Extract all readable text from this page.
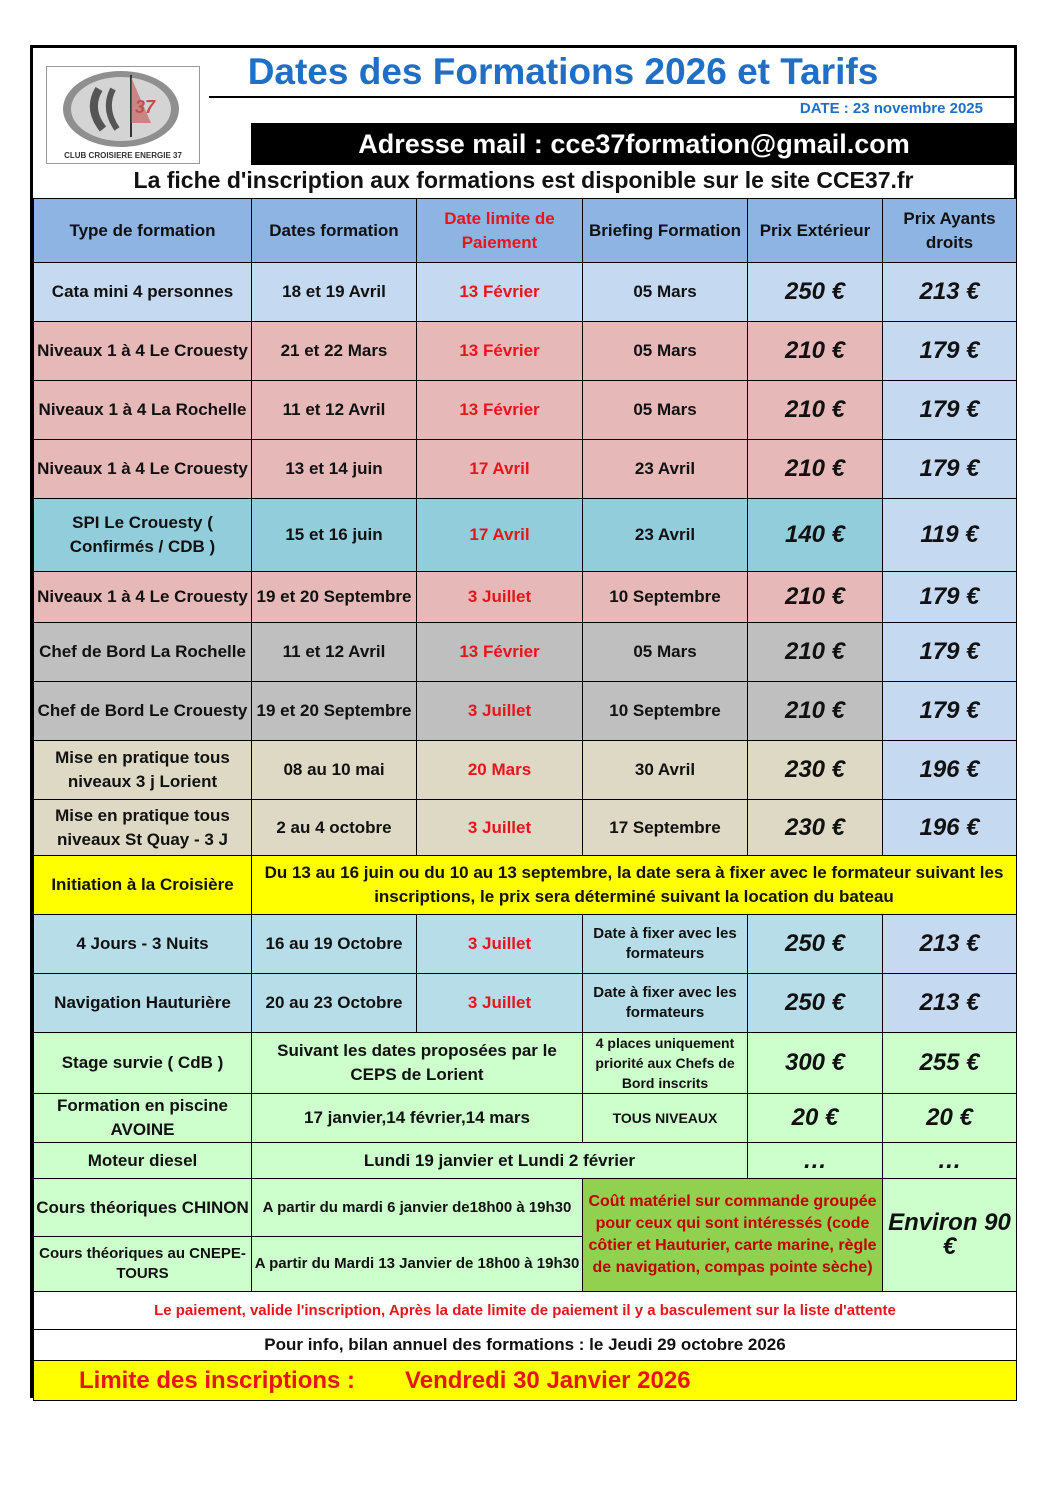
37
CLUB CROISIERE ENERGIE 37
Dates des Formations 2026 et Tarifs
DATE : 23 novembre 2025
Adresse mail : cce37formation@gmail.com
La fiche d'inscription aux formations est disponible sur le site CCE37.fr
Type de formation	Dates formation	Date limite de Paiement	Briefing Formation	Prix Extérieur	Prix Ayants droits
Cata mini 4 personnes	18 et 19 Avril	13 Février	05 Mars	250 €	213 €
Niveaux 1 à 4 Le Crouesty	21 et 22 Mars	13 Février	05 Mars	210 €	179 €
Niveaux 1 à 4 La Rochelle	11 et 12 Avril	13 Février	05 Mars	210 €	179 €
Niveaux 1 à 4 Le Crouesty	13 et 14 juin	17 Avril	23 Avril	210 €	179 €
SPI Le Crouesty ( Confirmés / CDB )	15 et 16 juin	17 Avril	23 Avril	140 €	119 €
Niveaux 1 à 4 Le Crouesty	19 et 20 Septembre	3 Juillet	10 Septembre	210 €	179 €
Chef de Bord La Rochelle	11 et 12 Avril	13 Février	05 Mars	210 €	179 €
Chef de Bord Le Crouesty	19 et 20 Septembre	3 Juillet	10 Septembre	210 €	179 €
Mise en pratique tous niveaux 3 j Lorient	08 au 10 mai	20 Mars	30 Avril	230 €	196 €
Mise en pratique tous niveaux St Quay - 3 J	2 au 4 octobre	3 Juillet	17 Septembre	230 €	196 €
Initiation à la Croisière	Du 13 au 16 juin ou du 10 au 13 septembre, la date sera à fixer avec le formateur suivant les inscriptions, le prix sera déterminé suivant la location du bateau				
4 Jours - 3 Nuits	16 au 19 Octobre	3 Juillet	Date à fixer avec les formateurs	250 €	213 €
Navigation Hauturière	20 au 23 Octobre	3 Juillet	Date à fixer avec les formateurs	250 €	213 €
Stage survie ( CdB )	Suivant les dates proposées par le CEPS de Lorient		4 places uniquement priorité aux Chefs de Bord inscrits	300 €	255 €
Formation en piscine AVOINE	17 janvier,14 février,14 mars		TOUS NIVEAUX	20 €	20 €
Moteur diesel	Lundi 19 janvier et Lundi 2 février			…	…
Cours théoriques CHINON	A partir du mardi 6 janvier de18h00 à 19h30		Coût matériel sur commande groupée pour ceux qui sont intéressés (code côtier et Hauturier, carte marine, règle de navigation, compas pointe sèche)		Environ 90 €
Cours théoriques au CNEPE-TOURS	A partir du Mardi 13 Janvier de 18h00 à 19h30				
Le paiement, valide l'inscription, Après la date limite de paiement il y a basculement sur la liste d'attente					
Pour info, bilan annuel des formations : le Jeudi 29 octobre 2026					
Limite des inscriptions : Vendredi 30 Janvier 2026					
